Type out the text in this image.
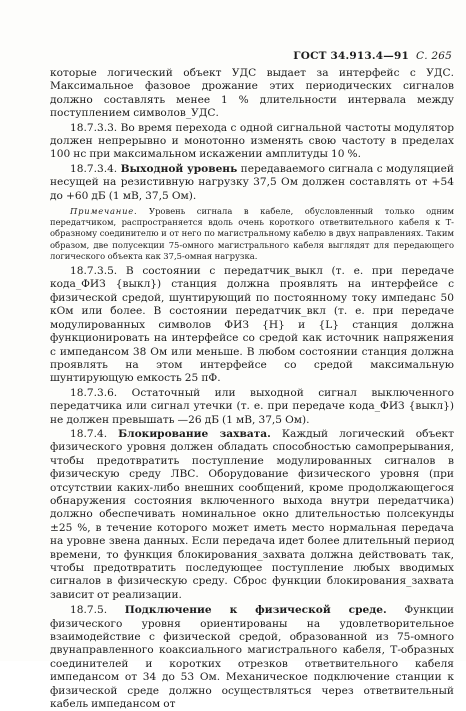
ГОСТ 34.913.4—91 С. 265

которые логический объект УДС выдает за интерфейс с УДС. Максимальное фазовое дрожание этих периодических сигналов должно составлять менее 1 % длительности интервала между поступлением символов_УДС.

18.7.3.3. Во время перехода с одной сигнальной частоты модулятор должен непрерывно и монотонно изменять свою частоту в пределах 100 нс при максимальном искажении амплитуды 10 %.

18.7.3.4. Выходной уровень передаваемого сигнала с модуляцией несущей на резистивную нагрузку 37,5 Ом должен составлять от +54 до +60 дБ (1 мВ, 37,5 Ом).

Примечание. Уровень сигнала в кабеле, обусловленный только одним передатчиком, распространяется вдоль очень короткого ответвительного кабеля к Т-образному соединителю и от него по магистральному кабелю в двух направлениях. Таким образом, две полусекции 75-омного магистрального кабеля выглядят для передающего логического объекта как 37,5-омная нагрузка.

18.7.3.5. В состоянии с передатчик_выкл (т. е. при передаче кода_ФИЗ {выкл}) станция должна проявлять на интерфейсе с физической средой, шунтирующий по постоянному току импеданс 50 кОм или более. В состоянии передатчик_вкл (т. е. при передаче модулированных символов ФИЗ {H} и {L} станция должна функционировать на интерфейсе со средой как источник напряжения с импедансом 38 Ом или меньше. В любом состоянии станция должна проявлять на этом интерфейсе со средой максимальную шунтирующую емкость 25 пФ.

18.7.3.6. Остаточный или выходной сигнал выключенного передатчика или сигнал утечки (т. е. при передаче кода_ФИЗ {выкл}) не должен превышать —26 дБ (1 мВ, 37,5 Ом).

18.7.4. Блокирование захвата. Каждый логический объект физического уровня должен обладать способностью самопрерывания, чтобы предотвратить поступление модулированных сигналов в физическую среду ЛВС. Оборудование физического уровня (при отсутствии каких-либо внешних сообщений, кроме продолжающегося обнаружения состояния включенного выхода внутри передатчика) должно обеспечивать номинальное окно длительностью полсекунды ±25 %, в течение которого может иметь место нормальная передача на уровне звена данных. Если передача идет более длительный период времени, то функция блокирования_захвата должна действовать так, чтобы предотвратить последующее поступление любых вводимых сигналов в физическую среду. Сброс функции блокирования_захвата зависит от реализации.

18.7.5. Подключение к физической среде. Функции физического уровня ориентированы на удовлетворительное взаимодействие с физической средой, образованной из 75-омного двунаправленного коаксиального магистрального кабеля, Т-образных соединителей и коротких отрезков ответвительного кабеля импедансом от 34 до 53 Ом. Механическое подключение станции к физической среде должно осуществляться через ответвительный кабель импедансом от
